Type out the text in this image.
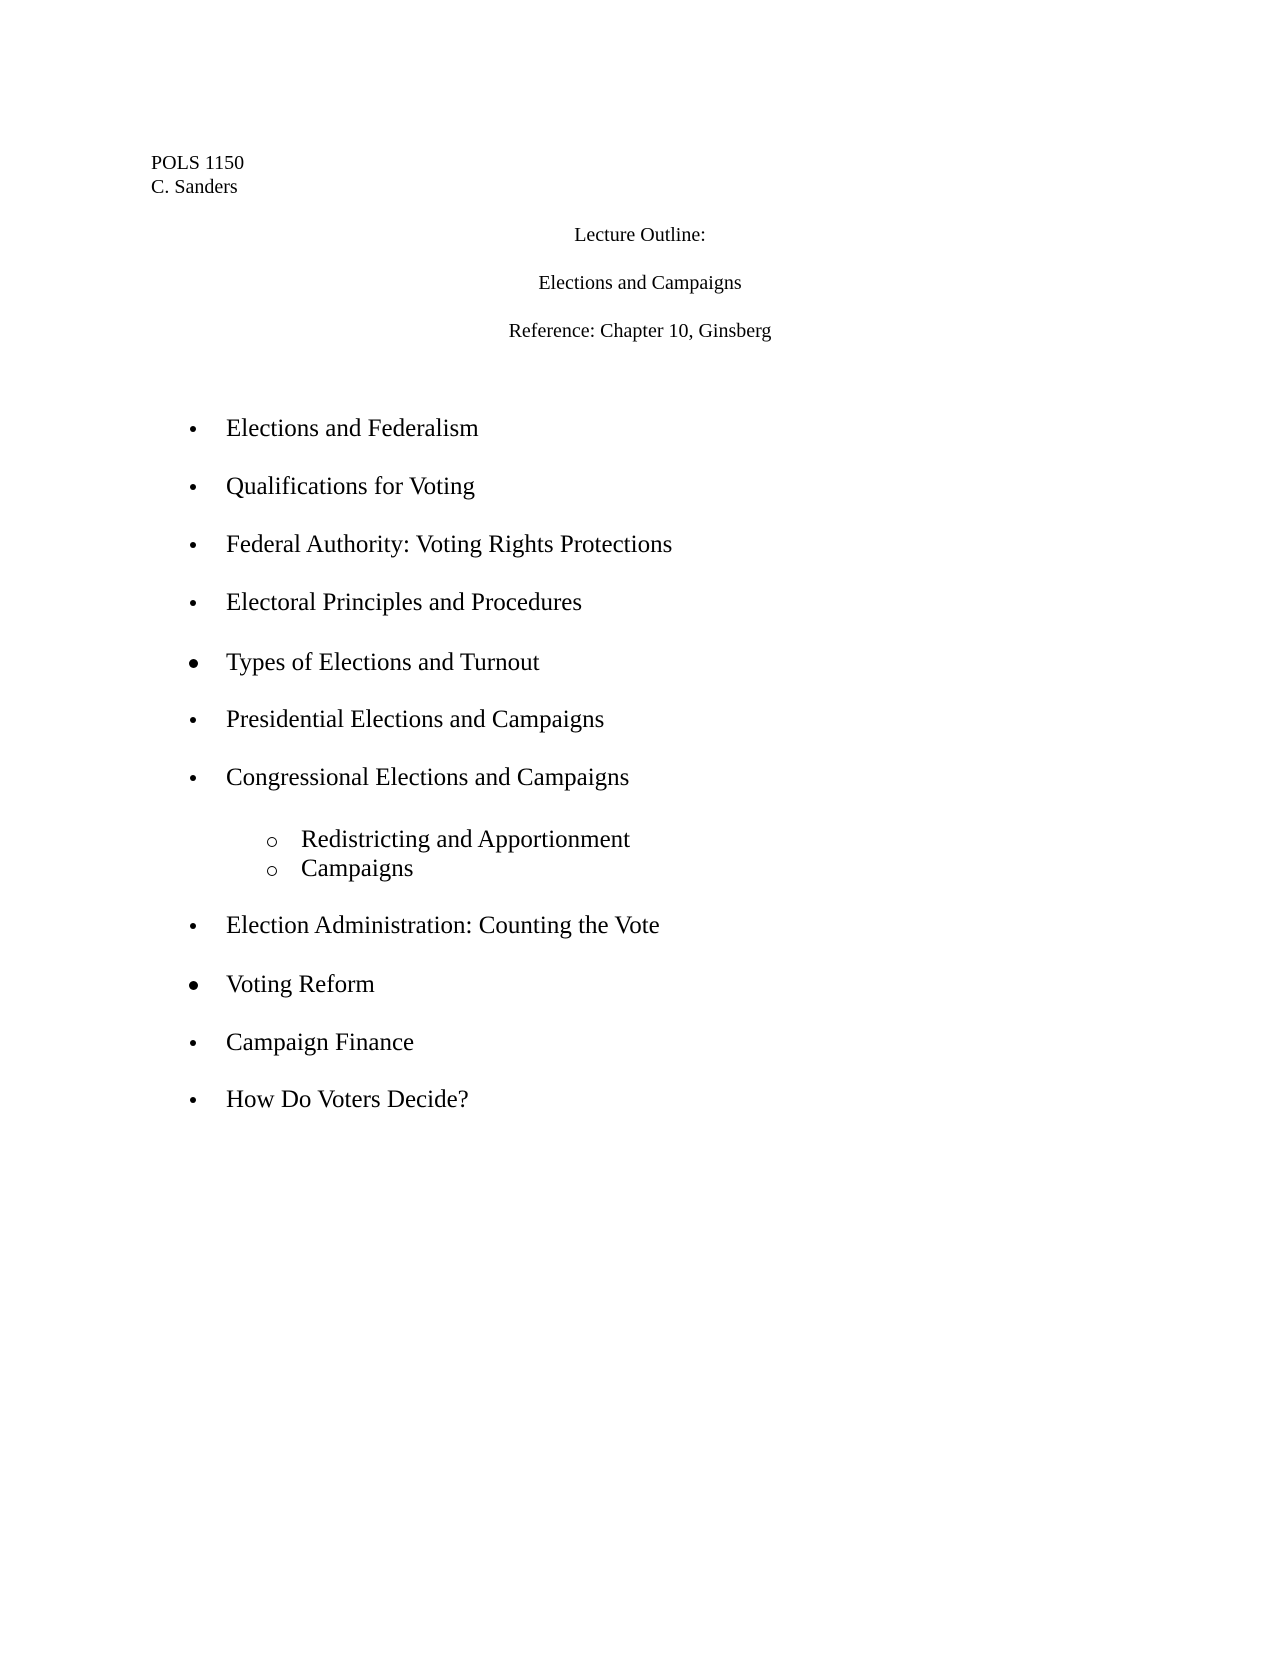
POLS 1150
C. Sanders
Lecture Outline:
Elections and Campaigns
Reference: Chapter 10, Ginsberg
Elections and Federalism
Qualifications for Voting
Federal Authority: Voting Rights Protections
Electoral Principles and Procedures
Types of Elections and Turnout
Presidential Elections and Campaigns
Congressional Elections and Campaigns
Redistricting and Apportionment
Campaigns
Election Administration: Counting the Vote
Voting Reform
Campaign Finance
How Do Voters Decide?
